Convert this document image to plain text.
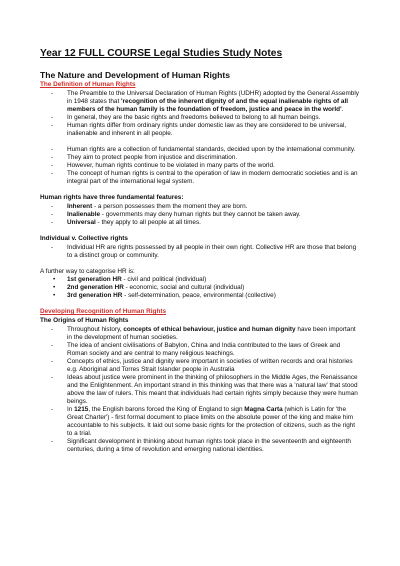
Year 12 FULL COURSE Legal Studies Study Notes
The Nature and Development of Human Rights
The Definition of Human Rights
- The Preamble to the Universal Declaration of Human Rights (UDHR) adopted by the General Assembly in 1948 states that 'recognition of the inherent dignity of and the equal inalienable rights of all members of the human family is the foundation of freedom, justice and peace in the world'.
- In general, they are the basic rights and freedoms believed to belong to all human beings.
- Human rights differ from ordinary rights under domestic law as they are considered to be universal, inalienable and inherent in all people.
- Human rights are a collection of fundamental standards, decided upon by the international community.
- They aim to protect people from injustice and discrimination.
- However, human rights continue to be violated in many parts of the world.
- The concept of human rights is central to the operation of law in modern democratic societies and is an integral part of the international legal system.
Human rights have three fundamental features:
- Inherent - a person possesses them the moment they are born.
- Inalienable - governments may deny human rights but they cannot be taken away.
- Universal - they apply to all people at all times.
Individual v. Collective rights
- Individual HR are rights possessed by all people in their own right. Collective HR are those that belong to a distinct group or community.
A further way to categorise HR is:
• 1st generation HR - civil and political (individual)
• 2nd generation HR - economic, social and cultural (individual)
• 3rd generation HR - self-determination, peace, environmental (collective)
Developing Recognition of Human Rights
The Origins of Human Rights
- Throughout history, concepts of ethical behaviour, justice and human dignity have been important in the development of human societies.
- The idea of ancient civilisations of Babylon, China and India contributed to the laws of Greek and Roman society and are central to many religious teachings.
- Concepts of ethics, justice and dignity were important in societies of written records and oral histories e.g. Aboriginal and Torres Strait Islander people in Australia
- Ideas about justice were prominent in the thinking of philosophers in the Middle Ages, the Renaissance and the Enlightenment. An important strand in this thinking was that there was a 'natural law' that stood above the law of rulers. This meant that individuals had certain rights simply because they were human beings.
- In 1215, the English barons forced the King of England to sign Magna Carta (which is Latin for 'the Great Charter') - first formal document to place limits on the absolute power of the king and make him accountable to his subjects. It laid out some basic rights for the protection of citizens, such as the right to a trial.
- Significant development in thinking about human rights took place in the seventeenth and eighteenth centuries, during a time of revolution and emerging national identities.
